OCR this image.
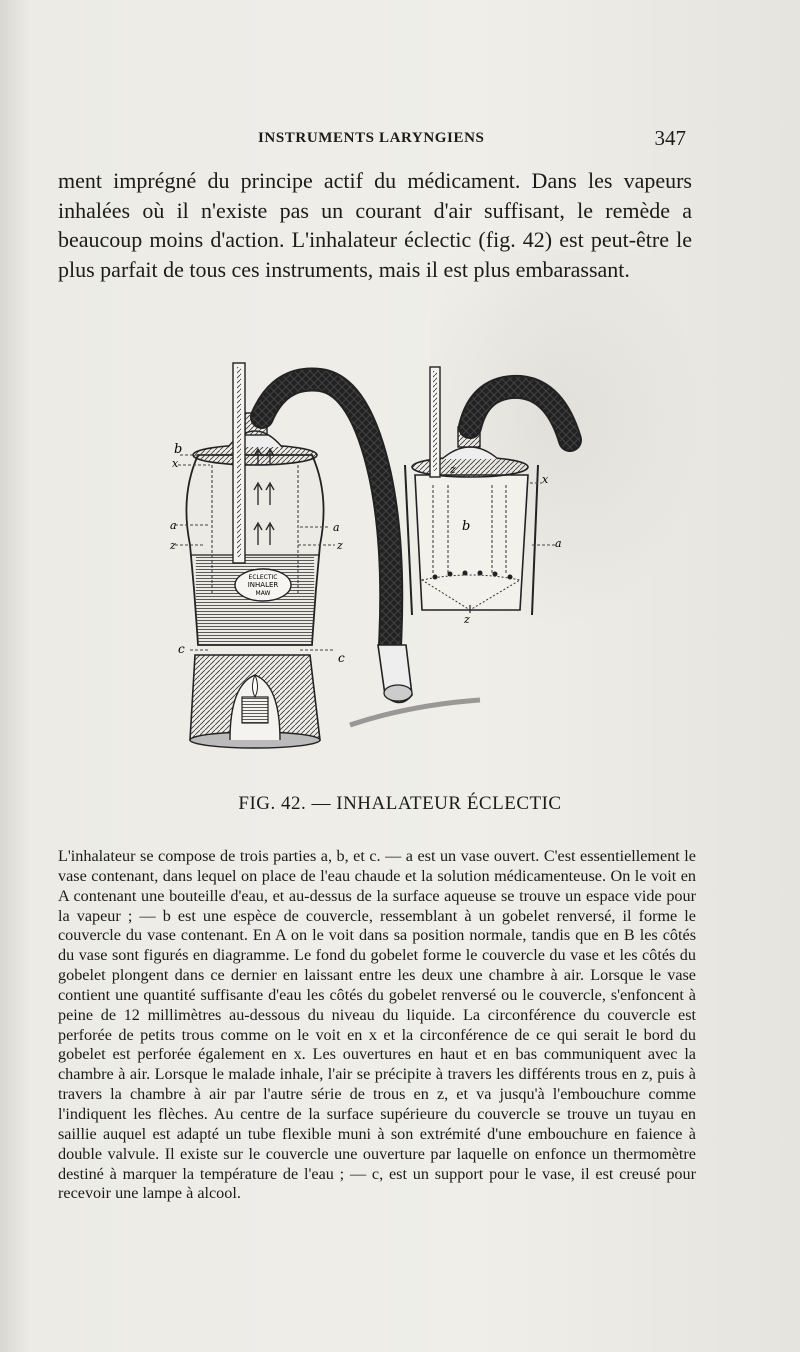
INSTRUMENTS LARYNGIENS	347

ment imprégné du principe actif du médicament. Dans les vapeurs inhalées où il n'existe pas un courant d'air suffisant, le remède a beaucoup moins d'action. L'inhalateur éclectic (fig. 42) est peut-être le plus parfait de tous ces instruments, mais il est plus embarassant.

ECLECTIC
INHALER
MAW
b
x
a
z
c
a
z
c
b
z
x
a
z
FIG. 42. — INHALATEUR ÉCLECTIC

L'inhalateur se compose de trois parties a, b, et c. — a est un vase ouvert. C'est essentiellement le vase contenant, dans lequel on place de l'eau chaude et la solution médicamenteuse. On le voit en A contenant une bouteille d'eau, et au-dessus de la surface aqueuse se trouve un espace vide pour la vapeur ; — b est une espèce de couvercle, ressemblant à un gobelet renversé, il forme le couvercle du vase contenant. En A on le voit dans sa position normale, tandis que en B les côtés du vase sont figurés en diagramme. Le fond du gobelet forme le couvercle du vase et les côtés du gobelet plongent dans ce dernier en laissant entre les deux une chambre à air. Lorsque le vase contient une quantité suffisante d'eau les côtés du gobelet renversé ou le couvercle, s'enfoncent à peine de 12 millimètres au-dessous du niveau du liquide. La circonférence du couvercle est perforée de petits trous comme on le voit en x et la circonférence de ce qui serait le bord du gobelet est perforée également en x. Les ouvertures en haut et en bas communiquent avec la chambre à air. Lorsque le malade inhale, l'air se précipite à travers les différents trous en z, puis à travers la chambre à air par l'autre série de trous en z, et va jusqu'à l'embouchure comme l'indiquent les flèches. Au centre de la surface supérieure du couvercle se trouve un tuyau en saillie auquel est adapté un tube flexible muni à son extrémité d'une embouchure en faience à double valvule. Il existe sur le couvercle une ouverture par laquelle on enfonce un thermomètre destiné à marquer la température de l'eau ; — c, est un support pour le vase, il est creusé pour recevoir une lampe à alcool.
